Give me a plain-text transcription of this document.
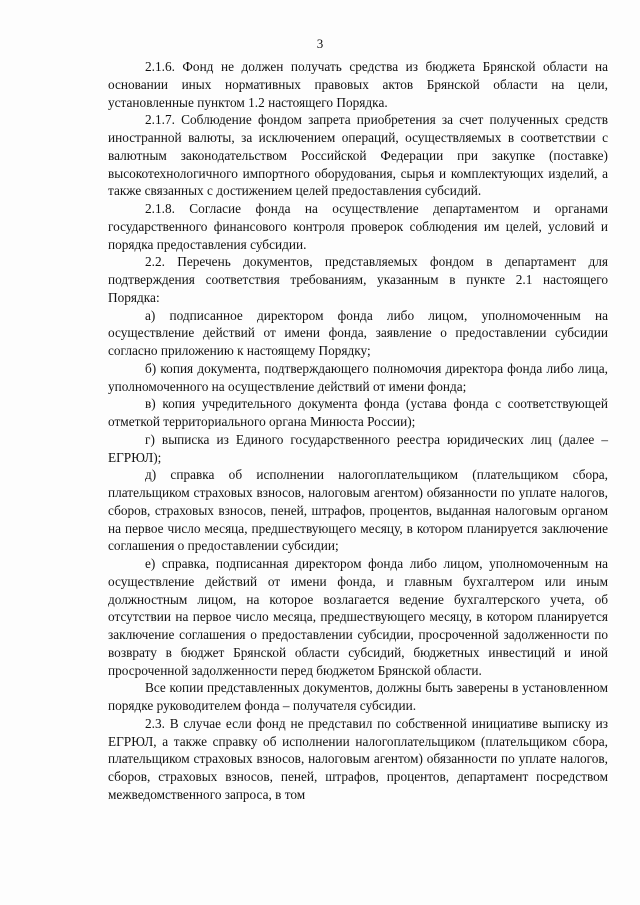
3

2.1.6. Фонд не должен получать средства из бюджета Брянской области на основании иных нормативных правовых актов Брянской области на цели, установленные пунктом 1.2 настоящего Порядка.

2.1.7. Соблюдение фондом запрета приобретения за счет полученных средств иностранной валюты, за исключением операций, осуществляемых в соответствии с валютным законодательством Российской Федерации при закупке (поставке) высокотехнологичного импортного оборудования, сырья и комплектующих изделий, а также связанных с достижением целей предоставления субсидий.

2.1.8. Согласие фонда на осуществление департаментом и органами государственного финансового контроля проверок соблюдения им целей, условий и порядка предоставления субсидии.

2.2. Перечень документов, представляемых фондом в департамент для подтверждения соответствия требованиям, указанным в пункте 2.1 настоящего Порядка:

а) подписанное директором фонда либо лицом, уполномоченным на осуществление действий от имени фонда, заявление о предоставлении субсидии согласно приложению к настоящему Порядку;

б) копия документа, подтверждающего полномочия директора фонда либо лица, уполномоченного на осуществление действий от имени фонда;

в) копия учредительного документа фонда (устава фонда с соответствующей отметкой территориального органа Минюста России);

г) выписка из Единого государственного реестра юридических лиц (далее – ЕГРЮЛ);

д) справка об исполнении налогоплательщиком (плательщиком сбора, плательщиком страховых взносов, налоговым агентом) обязанности по уплате налогов, сборов, страховых взносов, пеней, штрафов, процентов, выданная налоговым органом на первое число месяца, предшествующего месяцу, в котором планируется заключение соглашения о предоставлении субсидии;

е) справка, подписанная директором фонда либо лицом, уполномоченным на осуществление действий от имени фонда, и главным бухгалтером или иным должностным лицом, на которое возлагается ведение бухгалтерского учета, об отсутствии на первое число месяца, предшествующего месяцу, в котором планируется заключение соглашения о предоставлении субсидии, просроченной задолженности по возврату в бюджет Брянской области субсидий, бюджетных инвестиций и иной просроченной задолженности перед бюджетом Брянской области.

Все копии представленных документов, должны быть заверены в установленном порядке руководителем фонда – получателя субсидии.

2.3. В случае если фонд не представил по собственной инициативе выписку из ЕГРЮЛ, а также справку об исполнении налогоплательщиком (плательщиком сбора, плательщиком страховых взносов, налоговым агентом) обязанности по уплате налогов, сборов, страховых взносов, пеней, штрафов, процентов, департамент посредством межведомственного запроса, в том
